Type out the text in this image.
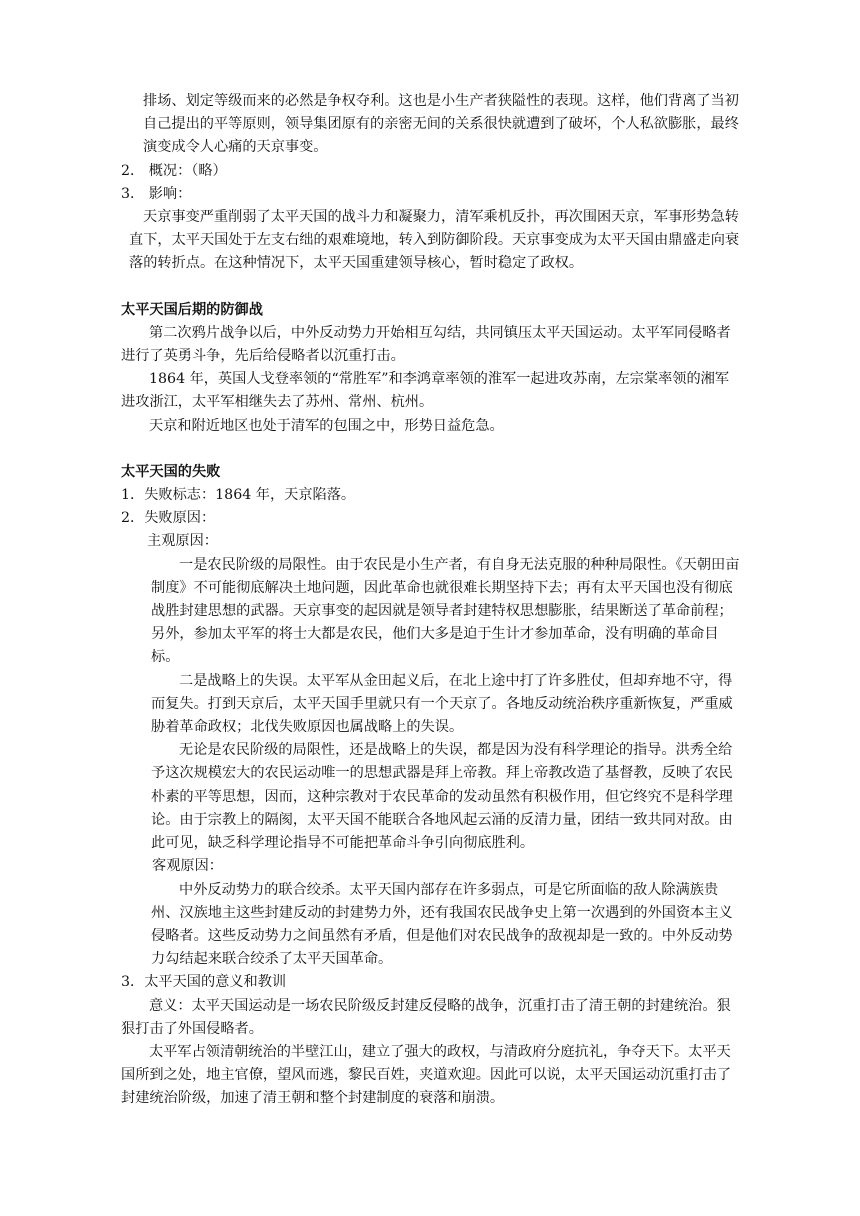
排场、划定等级而来的必然是争权夺利。这也是小生产者狭隘性的表现。这样，他们背离了当初自己提出的平等原则，领导集团原有的亲密无间的关系很快就遭到了破坏，个人私欲膨胀，最终演变成令人心痛的天京事变。

2． 概况：（略）

3． 影响：

天京事变严重削弱了太平天国的战斗力和凝聚力，清军乘机反扑，再次围困天京，军事形势急转直下，太平天国处于左支右绌的艰难境地，转入到防御阶段。天京事变成为太平天国由鼎盛走向衰落的转折点。在这种情况下，太平天国重建领导核心，暂时稳定了政权。

太平天国后期的防御战

第二次鸦片战争以后，中外反动势力开始相互勾结，共同镇压太平天国运动。太平军同侵略者进行了英勇斗争，先后给侵略者以沉重打击。

1864 年，英国人戈登率领的“常胜军”和李鸿章率领的淮军一起进攻苏南，左宗棠率领的湘军进攻浙江，太平军相继失去了苏州、常州、杭州。

天京和附近地区也处于清军的包围之中，形势日益危急。

太平天国的失败

1．失败标志：1864 年，天京陷落。

2．失败原因：

主观原因：

一是农民阶级的局限性。由于农民是小生产者，有自身无法克服的种种局限性。《天朝田亩制度》不可能彻底解决土地问题，因此革命也就很难长期坚持下去；再有太平天国也没有彻底战胜封建思想的武器。天京事变的起因就是领导者封建特权思想膨胀，结果断送了革命前程；另外，参加太平军的将士大都是农民，他们大多是迫于生计才参加革命，没有明确的革命目标。

二是战略上的失误。太平军从金田起义后，在北上途中打了许多胜仗，但却弃地不守，得而复失。打到天京后，太平天国手里就只有一个天京了。各地反动统治秩序重新恢复，严重威胁着革命政权；北伐失败原因也属战略上的失误。

无论是农民阶级的局限性，还是战略上的失误，都是因为没有科学理论的指导。洪秀全给予这次规模宏大的农民运动唯一的思想武器是拜上帝教。拜上帝教改造了基督教，反映了农民朴素的平等思想，因而，这种宗教对于农民革命的发动虽然有积极作用，但它终究不是科学理论。由于宗教上的隔阂，太平天国不能联合各地风起云涌的反清力量，团结一致共同对敌。由此可见，缺乏科学理论指导不可能把革命斗争引向彻底胜利。

客观原因：

中外反动势力的联合绞杀。太平天国内部存在许多弱点，可是它所面临的敌人除满族贵州、汉族地主这些封建反动的封建势力外，还有我国农民战争史上第一次遇到的外国资本主义侵略者。这些反动势力之间虽然有矛盾，但是他们对农民战争的敌视却是一致的。中外反动势力勾结起来联合绞杀了太平天国革命。

3．太平天国的意义和教训

意义：太平天国运动是一场农民阶级反封建反侵略的战争，沉重打击了清王朝的封建统治。狠狠打击了外国侵略者。

太平军占领清朝统治的半壁江山，建立了强大的政权，与清政府分庭抗礼，争夺天下。太平天国所到之处，地主官僚，望风而逃，黎民百姓，夹道欢迎。因此可以说，太平天国运动沉重打击了封建统治阶级，加速了清王朝和整个封建制度的衰落和崩溃。
